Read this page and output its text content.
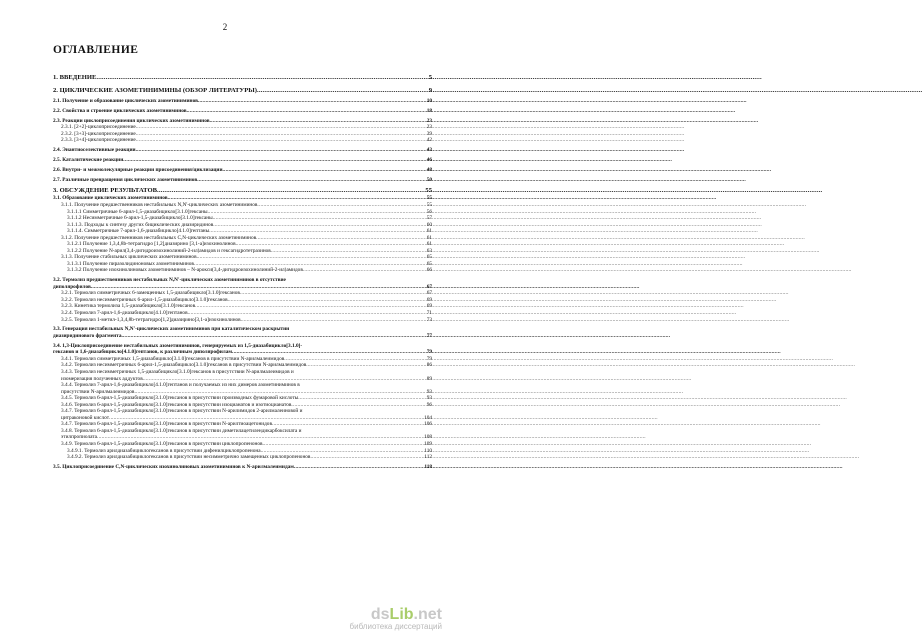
2
ОГЛАВЛЕНИЕ
1. ВВЕДЕНИЕ .....	5
2. ЦИКЛИЧЕСКИЕ АЗОМЕТИНИМИНЫ (ОБЗОР ЛИТЕРАТУРЫ) .....	9
2.1. Получение и образование циклических азометиниминов .....	10
2.2. Свойства и строение циклических азометиниминов .....	18
2.3. Реакции циклоприсоединения циклических азометиниминов .....	23
2.3.1. [2+2]-циклоприсоединение .....	23
2.3.2. [3+3]-циклоприсоединение .....	39
2.3.3. [3+4]-циклоприсоединение .....	42
2.4. Энантиоселективные реакции .....	43
2.5. Каталитические реакции .....	46
2.6. Внутри- и межмолекулярные реакции присоединения/циклизации .....	48
2.7. Различные превращения циклических азометиниминов .....	50
3. ОБСУЖДЕНИЕ РЕЗУЛЬТАТОВ .....	55
3.1. Образование циклических азометиниминов .....	55
3.1.1. Получение предшественников нестабильных N,N'-циклических азометиниминов .....	55
3.1.1.1 Симметричные 6-арил-1,5-диазабицикло[3.1.0]гексаны .....	56
3.1.1.2 Несимметричные 6-арил-1,5-диазабицикло[3.1.0]гексаны .....	57
3.1.1.3. Подходы к синтезу других бициклических диазиридинов .....	60
3.1.1.4. Симметричные 7-арил-1,6-диазабицикло[4.1.0]гептаны .....	61
3.1.2. Получение предшественников нестабильных С,N-циклических азометиниминов .....	61
3.1.2.1 Получение 1,3,4,8b-тетрагидро [1,2]диазирино [3,1-a]изохинолинов .....	61
3.1.2.2 Получение N-арил(3,4-дигидроизохинолиний-2-ил)амидов и гексагидротетразинов .....	63
3.1.3. Получение стабильных циклических азометиниминов .....	65
3.1.3.1 Получение пиразолидиноновых азометиниминов .....	65
3.1.3.2 Получение изохинолиновых азометиниминов – N-арокси(3,4-дигидроизохинолиний-2-ил)амидов .....	66
3.2. Термолиз предшественников нестабильных N,N'-циклических азометиниминов в отсутствие
диполярофилов .....	67
3.2.1. Термолиз симметричных 6-замещенных 1,5-диазабицикло[3.1.0]гексанов .....	67
3.2.2. Термолиз несимметричных 6-арил-1,5-диазабицикло[3.1.0]гексанов .....	69
3.2.3. Кинетика термолиза 1,5-диазабицикло[3.1.0]гексанов .....	69
3.2.4. Термолиз 7-арил-1,6-диазабицикло[4.1.0]гептанов .....	71
3.2.5. Термолиз 1-метил-1,3,4,8b-тетрагидро[1,2]диазирино[3,1-a]изохинолинов .....	73
3.3. Генерация нестабильных N,N'-циклических азометиниминов при каталитическом раскрытии
диазиридинового фрагмента .....	77
3.4. 1,3-Циклоприсоединение нестабильных азометиниминов, генерируемых из 1,5-диазабицикло[3.1.0]-
гексанов и 1,6-диазабицикло[4.1.0]гептанов, к различным диполярофилам .....	79
3.4.1. Термолиз симметричных 1,5-диазабицикло[3.1.0]гексанов в присутствии N-арилмалеимидов .....	79
3.4.2. Термолиз несимметричных 6-арил-1,5-диазабицикло[3.1.0]гексанов в присутствии N-арилмалеимидов .....	86
3.4.3. Термолиз несимметричных 1,5-диазабицикло[3.1.0]гексанов в присутствии N-арилмалеимидов и
изомеризация полученных аддуктов .....	89
3.4.4. Термолиз 7-арил-1,6-диазабицикло[4.1.0]гептанов и получаемых из них димеров азометиниминов в
присутствии N-арилмалеимидов .....	93
3.4.5. Термолиз 6-арил-1,5-диазабицикло[3.1.0]гексанов в присутствии производных фумаровой кислоты .....	93
3.4.6. Термолиз 6-арил-1,5-диазабицикло[3.1.0]гексанов в присутствии изоцианатов и изотиоцианатов .....	96
3.4.7. Термолиз 6-арил-1,5-диазабицикло[3.1.0]гексанов в присутствии N-арилимидов 2-арилмалеиновой и
цитраконовой кислот .....	104
3.4.7. Термолиз 6-арил-1,5-диазабицикло[3.1.0]гексанов в присутствии N-арилтиоацетонидов .....	106
3.4.8. Термолиз 6-арил-1,5-диазабицикло[3.1.0]гексанов в присутствии диметилацетилендикарбоксилата и
этилпропиолата .....	108
3.4.9. Термолиз 6-арил-1,5-диазабицикло[3.1.0]гексанов в присутствии циклопропенонов .....	109
3.4.9.1. Термолиз арилдиазабициклогексанов в присутствии дифенилциклопропенона .....	110
3.4.9.2. Термолиз арилдиазабициклогексанов в присутствии несимметрично замещенных циклопропенонов .....	112
3.5. Циклоприсоединение С,N-циклических изохинолиновых азометиниминов к N-арилмалеимидам .....	118
dsLib.net
библиотека диссертаций
